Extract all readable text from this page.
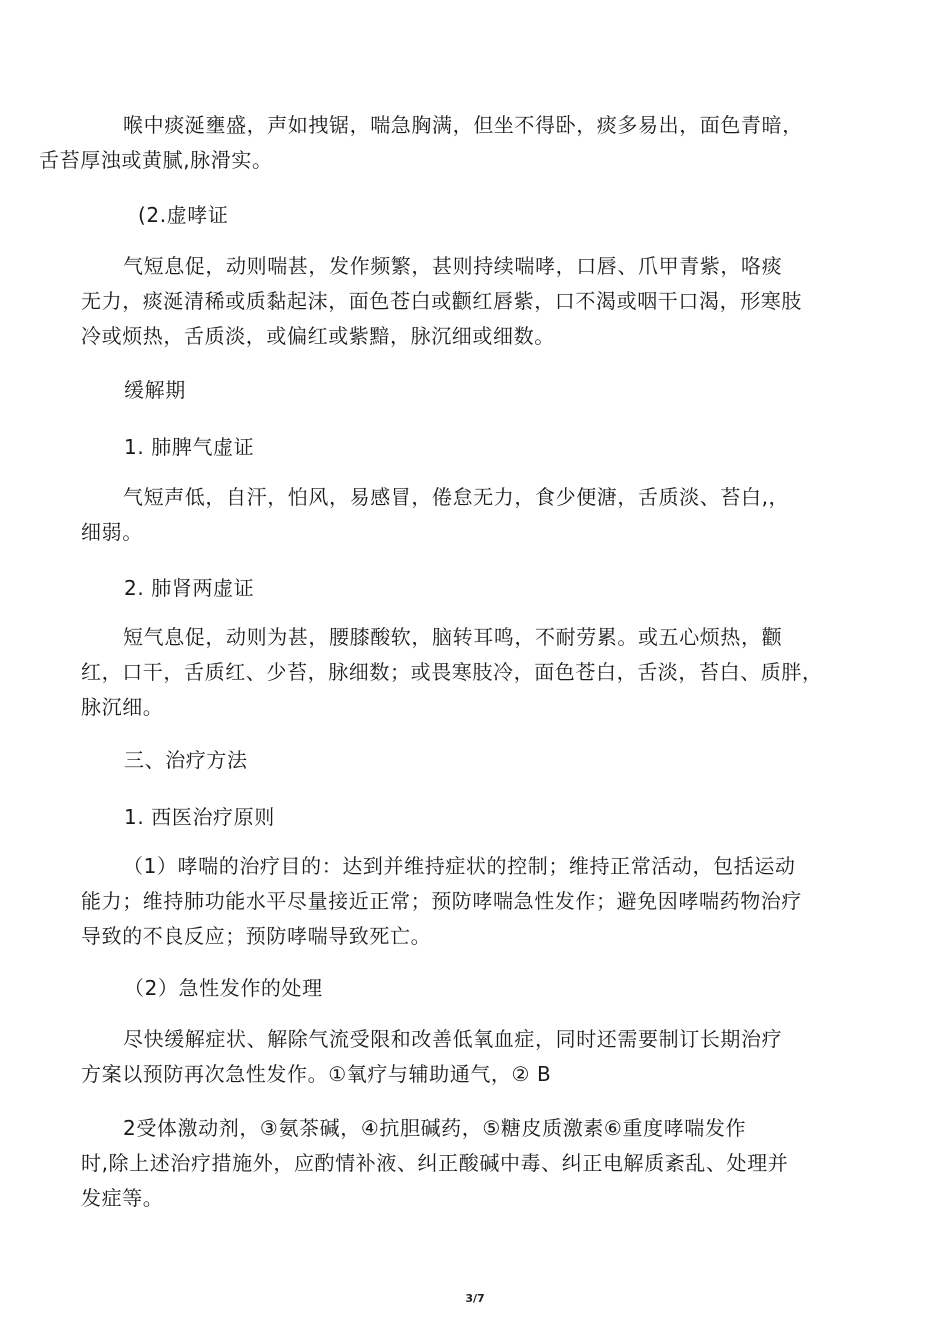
喉中痰涎壅盛，声如拽锯，喘急胸满，但坐不得卧，痰多易出，面色青暗，
舌苔厚浊或黄腻,脉滑实。

(2.虚哮证

气短息促，动则喘甚，发作频繁，甚则持续喘哮，口唇、爪甲青紫，咯痰
无力，痰涎清稀或质黏起沫，面色苍白或颧红唇紫，口不渴或咽干口渴，形寒肢
冷或烦热，舌质淡，或偏红或紫黯，脉沉细或细数。

缓解期

1. 肺脾气虚证

气短声低，自汗，怕风，易感冒，倦怠无力，食少便溏，舌质淡、苔白,，
细弱。

2. 肺肾两虚证

短气息促，动则为甚，腰膝酸软，脑转耳鸣，不耐劳累。或五心烦热，颧
红，口干，舌质红、少苔，脉细数；或畏寒肢冷，面色苍白，舌淡，苔白、质胖，
脉沉细。

三、治疗方法

1. 西医治疗原则

（1）哮喘的治疗目的：达到并维持症状的控制；维持正常活动，包括运动
能力；维持肺功能水平尽量接近正常；预防哮喘急性发作；避免因哮喘药物治疗
导致的不良反应；预防哮喘导致死亡。

（2）急性发作的处理

尽快缓解症状、解除气流受限和改善低氧血症，同时还需要制订长期治疗
方案以预防再次急性发作。①氧疗与辅助通气，② B

2受体激动剂，③氨茶碱，④抗胆碱药，⑤糖皮质激素⑥重度哮喘发作
时,除上述治疗措施外，应酌情补液、纠正酸碱中毒、纠正电解质紊乱、处理并
发症等。

3/7
